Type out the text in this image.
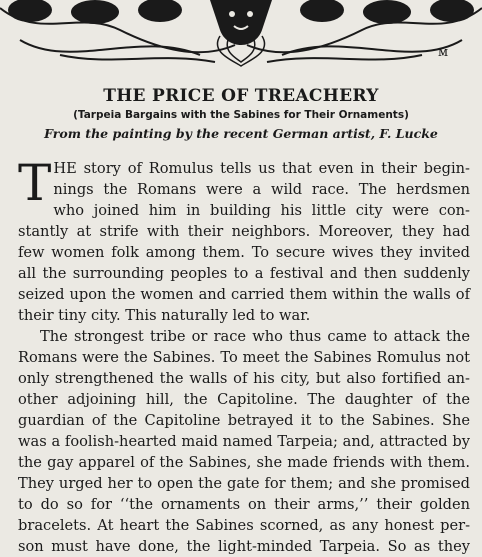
ᴍ
THE PRICE OF TREACHERY
(Tarpeia Bargains with the Sabines for Their Ornaments)
From the painting by the recent German artist, F. Lucke
T HE story of Romulus tells us that even in their begin-
nings the Romans were a wild race. The herdsmen
who joined him in building his little city were con-
stantly at strife with their neighbors. Moreover, they had
few women folk among them. To secure wives they invited
all the surrounding peoples to a festival and then suddenly
seized upon the women and carried them within the walls of
their tiny city. This naturally led to war.
The strongest tribe or race who thus came to attack the
Romans were the Sabines. To meet the Sabines Romulus not
only strengthened the walls of his city, but also fortified an-
other adjoining hill, the Capitoline. The daughter of the
guardian of the Capitoline betrayed it to the Sabines. She
was a foolish-hearted maid named Tarpeia; and, attracted by
the gay apparel of the Sabines, she made friends with them.
They urged her to open the gate for them; and she promised
to do so for ‘‘the ornaments on their arms,’’ their golden
bracelets. At heart the Sabines scorned, as any honest per-
son must have done, the light-minded Tarpeia. So as they
